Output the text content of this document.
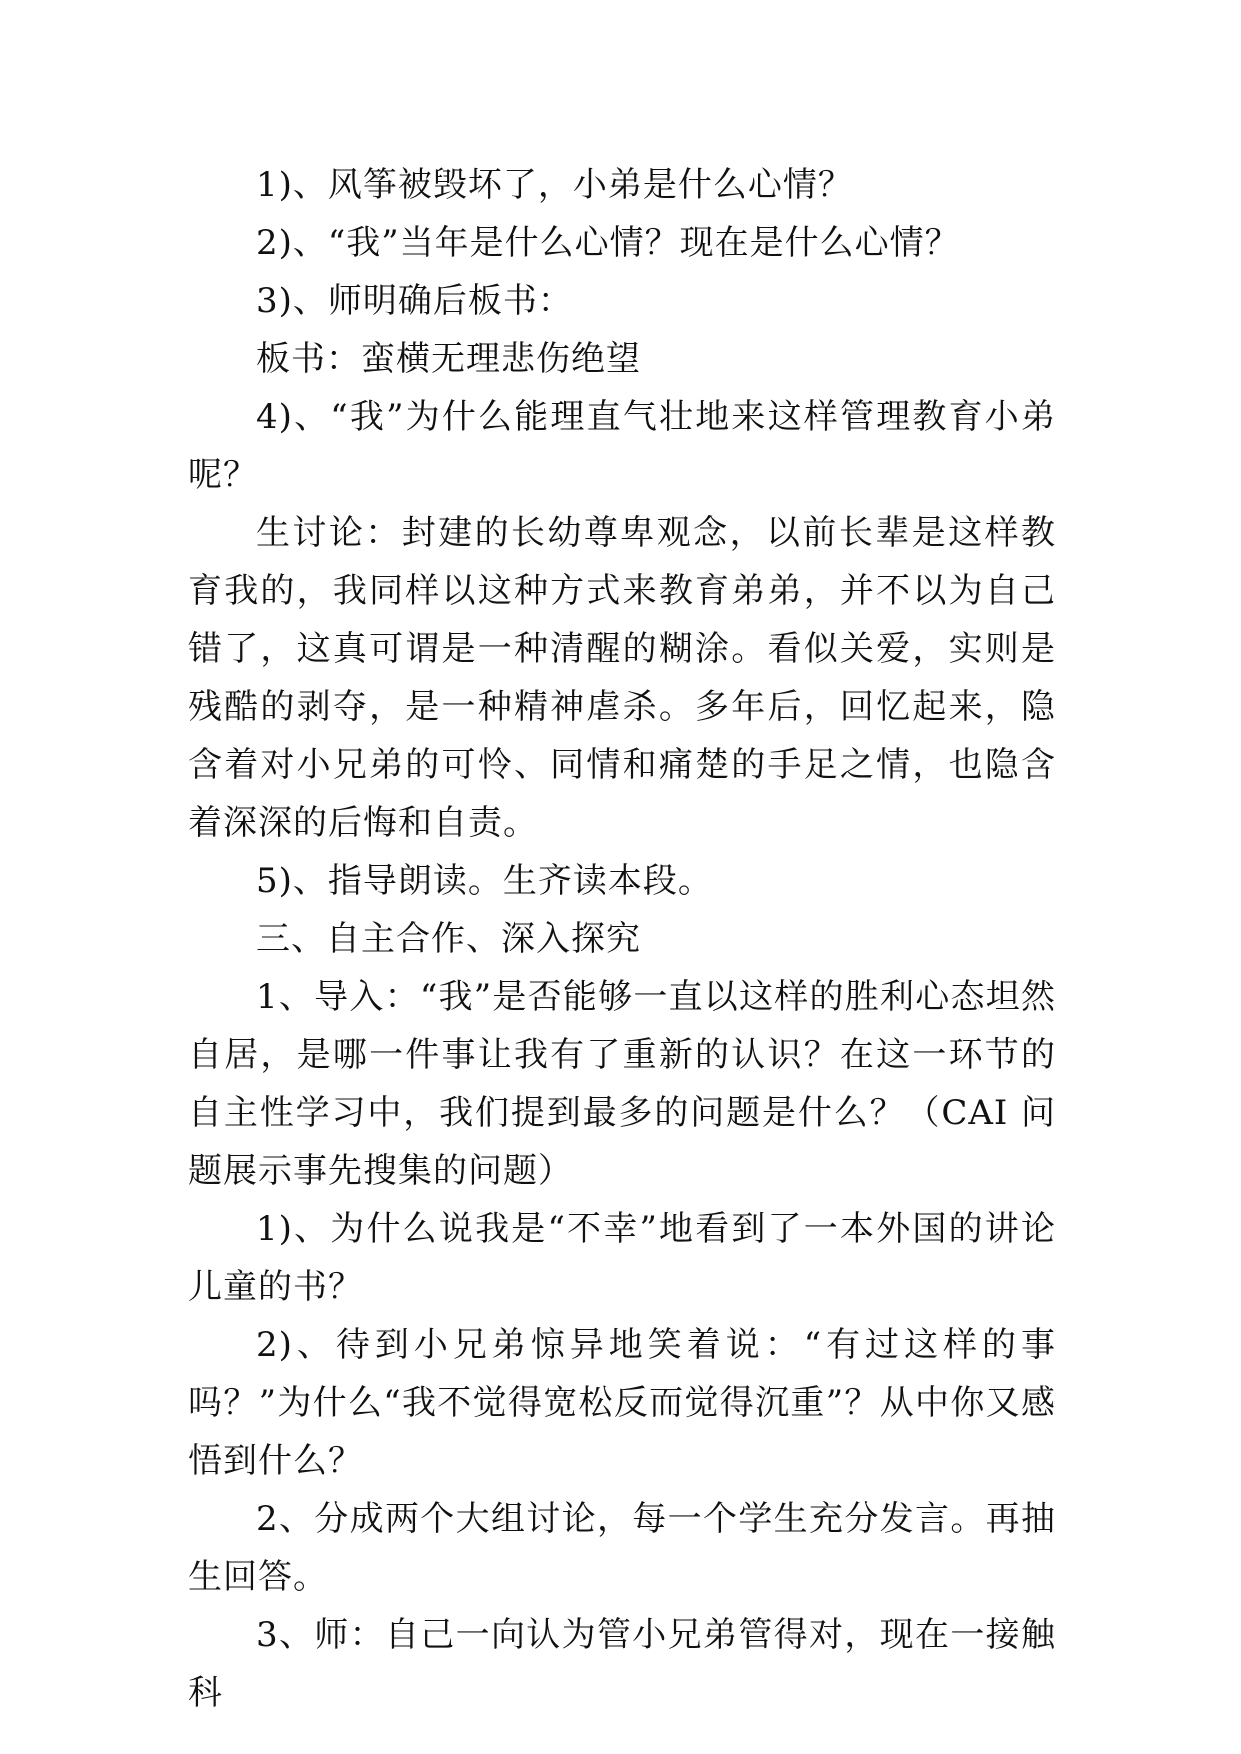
1)、风筝被毁坏了，小弟是什么心情？

2)、“我”当年是什么心情？现在是什么心情？

3)、师明确后板书：

板书：蛮横无理悲伤绝望

4)、“我”为什么能理直气壮地来这样管理教育小弟呢？

生讨论：封建的长幼尊卑观念，以前长辈是这样教育我的，我同样以这种方式来教育弟弟，并不以为自己错了，这真可谓是一种清醒的糊涂。看似关爱，实则是残酷的剥夺，是一种精神虐杀。多年后，回忆起来，隐含着对小兄弟的可怜、同情和痛楚的手足之情，也隐含着深深的后悔和自责。

5)、指导朗读。生齐读本段。

三、自主合作、深入探究

1、导入：“我”是否能够一直以这样的胜利心态坦然自居，是哪一件事让我有了重新的认识？在这一环节的自主性学习中，我们提到最多的问题是什么？（CAI 问题展示事先搜集的问题）

1)、为什么说我是“不幸”地看到了一本外国的讲论儿童的书？

2)、待到小兄弟惊异地笑着说：“有过这样的事吗？”为什么“我不觉得宽松反而觉得沉重”？从中你又感悟到什么？

2、分成两个大组讨论，每一个学生充分发言。再抽生回答。

3、师：自己一向认为管小兄弟管得对，现在一接触科
